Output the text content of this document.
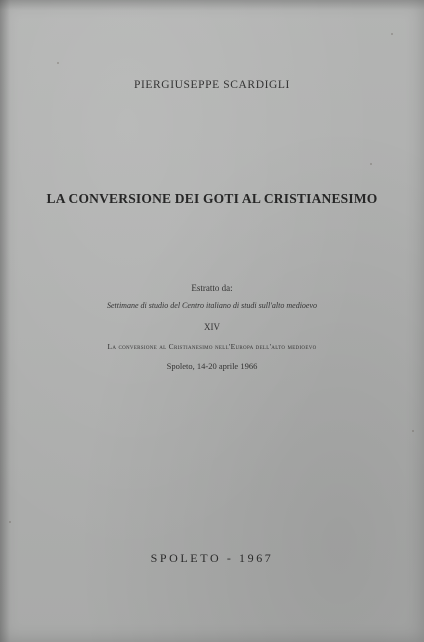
PIERGIUSEPPE SCARDIGLI
LA CONVERSIONE DEI GOTI AL CRISTIANESIMO
Estratto da:
Settimane di studio del Centro italiano di studi sull'alto medioevo
XIV
La conversione al Cristianesimo nell'Europa dell'alto medioevo
Spoleto, 14-20 aprile 1966
SPOLETO - 1967
